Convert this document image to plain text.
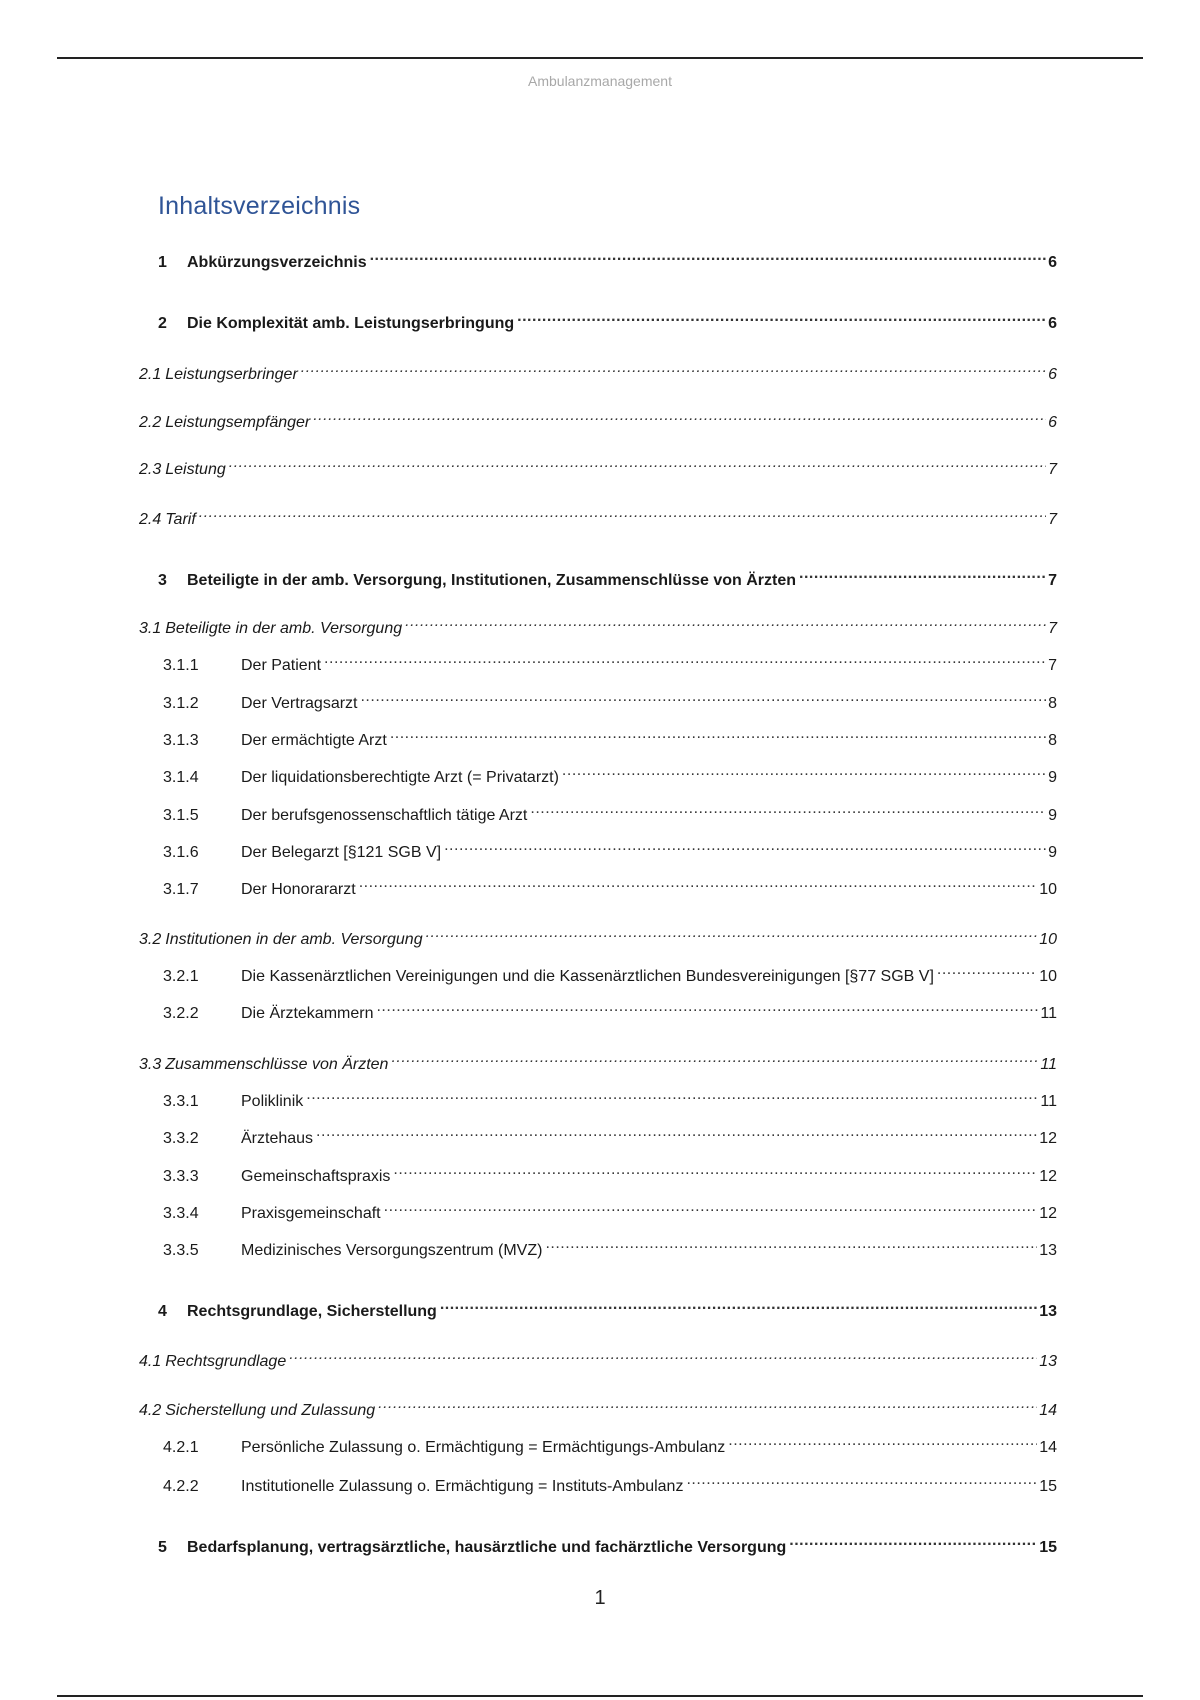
Ambulanzmanagement
Inhaltsverzeichnis
1	Abkürzungsverzeichnis .....	6
2	Die Komplexität amb. Leistungserbringung .....	6
2.1 Leistungserbringer .....	6
2.2 Leistungsempfänger .....	6
2.3 Leistung .....	7
2.4 Tarif .....	7
3	Beteiligte in der amb. Versorgung, Institutionen, Zusammenschlüsse von Ärzten .....	7
3.1 Beteiligte in der amb. Versorgung .....	7
3.1.1	Der Patient .....	7
3.1.2	Der Vertragsarzt .....	8
3.1.3	Der ermächtigte Arzt .....	8
3.1.4	Der liquidationsberechtigte Arzt (= Privatarzt) .....	9
3.1.5	Der berufsgenossenschaftlich tätige Arzt .....	9
3.1.6	Der Belegarzt [§121 SGB V] .....	9
3.1.7	Der Honorararzt .....	10
3.2 Institutionen in der amb. Versorgung .....	10
3.2.1	Die Kassenärztlichen Vereinigungen und die Kassenärztlichen Bundesvereinigungen [§77 SGB V] .....	10
3.2.2	Die Ärztekammern .....	11
3.3 Zusammenschlüsse von Ärzten .....	11
3.3.1	Poliklinik .....	11
3.3.2	Ärztehaus .....	12
3.3.3	Gemeinschaftspraxis .....	12
3.3.4	Praxisgemeinschaft .....	12
3.3.5	Medizinisches Versorgungszentrum (MVZ) .....	13
4	Rechtsgrundlage, Sicherstellung .....	13
4.1 Rechtsgrundlage .....	13
4.2 Sicherstellung und Zulassung .....	14
4.2.1	Persönliche Zulassung o. Ermächtigung = Ermächtigungs-Ambulanz .....	14
4.2.2	Institutionelle Zulassung o. Ermächtigung = Instituts-Ambulanz .....	15
5	Bedarfsplanung, vertragsärztliche, hausärztliche und fachärztliche Versorgung .....	15
1
